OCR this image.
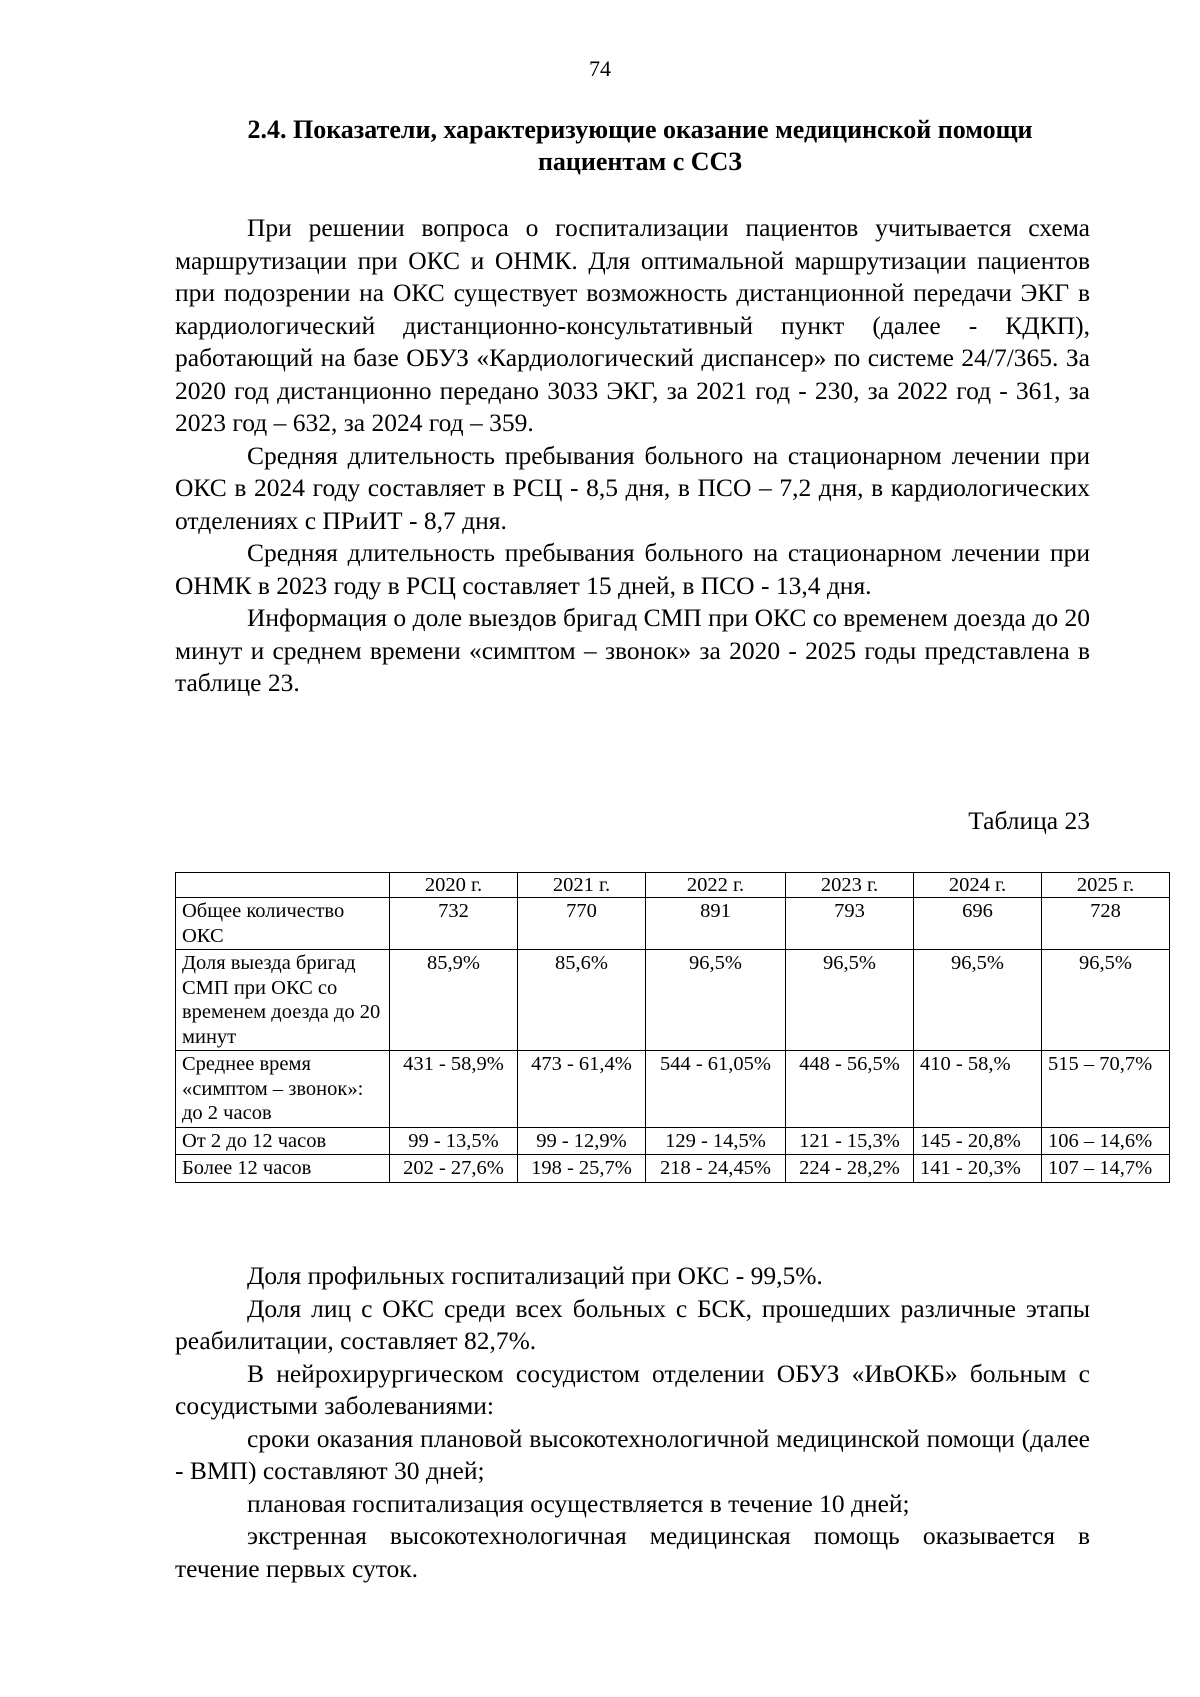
74
2.4. Показатели, характеризующие оказание медицинской помощи
пациентам с ССЗ

При решении вопроса о госпитализации пациентов учитывается схема маршрутизации при ОКС и ОНМК. Для оптимальной маршрутизации пациентов при подозрении на ОКС существует возможность дистанционной передачи ЭКГ в кардиологический дистанционно-консультативный пункт (далее - КДКП), работающий на базе ОБУЗ «Кардиологический диспансер» по системе 24/7/365. За 2020 год дистанционно передано 3033 ЭКГ, за 2021 год - 230, за 2022 год - 361, за 2023 год – 632, за 2024 год – 359.

Средняя длительность пребывания больного на стационарном лечении при ОКС в 2024 году составляет в РСЦ - 8,5 дня, в ПСО – 7,2 дня, в кардиологических отделениях с ПРиИТ - 8,7 дня.

Средняя длительность пребывания больного на стационарном лечении при ОНМК в 2023 году в РСЦ составляет 15 дней, в ПСО - 13,4 дня.

Информация о доле выездов бригад СМП при ОКС со временем доезда до 20 минут и среднем времени «симптом – звонок» за 2020 - 2025 годы представлена в таблице 23.

Таблица 23
	2020 г.	2021 г.	2022 г.	2023 г.	2024 г.	2025 г.
Общее количество ОКС	732	770	891	793	696	728
Доля выезда бригад СМП при ОКС со временем доезда до 20 минут	85,9%	85,6%	96,5%	96,5%	96,5%	96,5%
Среднее время «симптом – звонок»: до 2 часов	431 - 58,9%	473 - 61,4%	544 - 61,05%	448 - 56,5%	410 - 58,%	515 – 70,7%
От 2 до 12 часов	99 - 13,5%	99 - 12,9%	129 - 14,5%	121 - 15,3%	145 - 20,8%	106 – 14,6%
Более 12 часов	202 - 27,6%	198 - 25,7%	218 - 24,45%	224 - 28,2%	141 - 20,3%	107 – 14,7%

Доля профильных госпитализаций при ОКС - 99,5%.

Доля лиц с ОКС среди всех больных с БСК, прошедших различные этапы реабилитации, составляет 82,7%.

В нейрохирургическом сосудистом отделении ОБУЗ «ИвОКБ» больным с сосудистыми заболеваниями:

сроки оказания плановой высокотехнологичной медицинской помощи (далее - ВМП) составляют 30 дней;

плановая госпитализация осуществляется в течение 10 дней;

экстренная высокотехнологичная медицинская помощь оказывается в течение первых суток.
